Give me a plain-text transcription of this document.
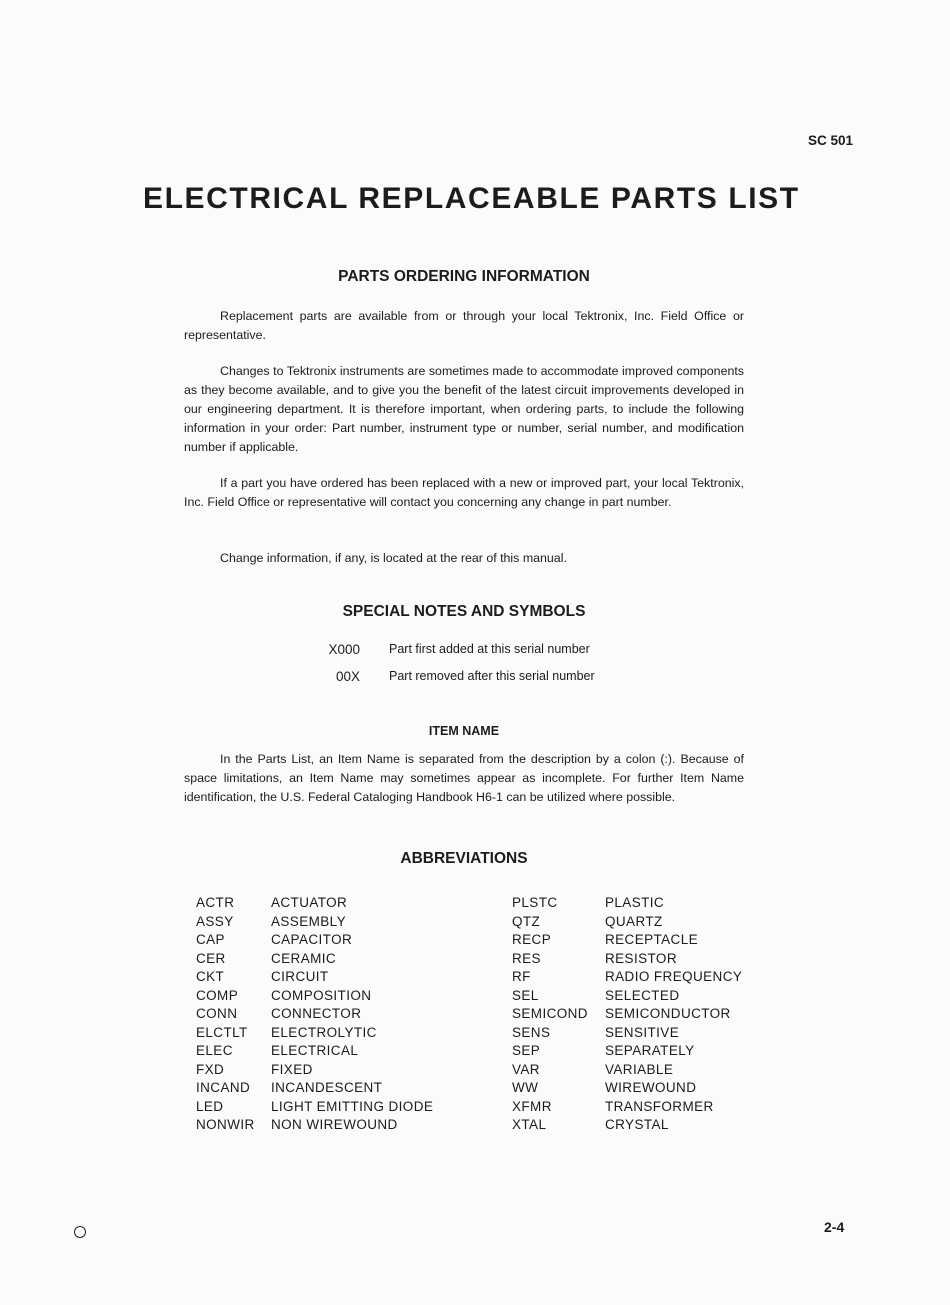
SC 501
ELECTRICAL REPLACEABLE PARTS LIST
PARTS ORDERING INFORMATION

Replacement parts are available from or through your local Tektronix, Inc. Field Office or representative.

Changes to Tektronix instruments are sometimes made to accommodate improved components as they become available, and to give you the benefit of the latest circuit improvements developed in our engineering department. It is therefore important, when ordering parts, to include the following information in your order: Part number, instrument type or number, serial number, and modification number if applicable.

If a part you have ordered has been replaced with a new or improved part, your local Tektronix, Inc. Field Office or representative will contact you concerning any change in part number.

Change information, if any, is located at the rear of this manual.

SPECIAL NOTES AND SYMBOLS
X000 Part first added at this serial number
00X Part removed after this serial number
ITEM NAME

In the Parts List, an Item Name is separated from the description by a colon (:). Because of space limitations, an Item Name may sometimes appear as incomplete. For further Item Name identification, the U.S. Federal Cataloging Handbook H6-1 can be utilized where possible.

ABBREVIATIONS
ACTR	ACTUATOR
ASSY	ASSEMBLY
CAP	CAPACITOR
CER	CERAMIC
CKT	CIRCUIT
COMP COMPOSITION
CONN CONNECTOR
ELCTLT ELECTROLYTIC
ELEC	ELECTRICAL
FXD	FIXED
INCAND INCANDESCENT
LED	LIGHT EMITTING DIODE
NONWIR NON WIREWOUND
PLSTC	PLASTIC
QTZ	QUARTZ
RECP	RECEPTACLE
RES	RESISTOR
RF	RADIO FREQUENCY
SEL	SELECTED
SEMICOND SEMICONDUCTOR
SENS	SENSITIVE
SEP	SEPARATELY
VAR	VARIABLE
WW	WIREWOUND
XFMR	TRANSFORMER
XTAL	CRYSTAL
2-4
